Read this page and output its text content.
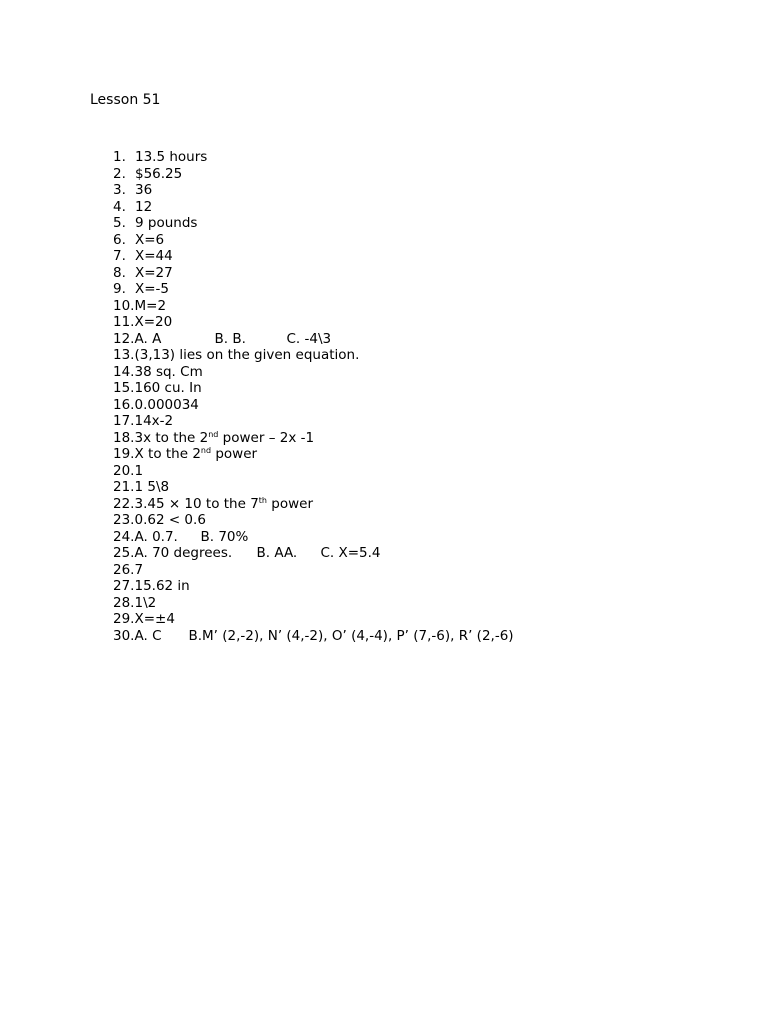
Lesson 51
1. 13.5 hours
2. $56.25
3. 36
4. 12
5. 9 pounds
6. X=6
7. X=44
8. X=27
9. X=-5
10. M=2
11. X=20
12. A. A	B. B.	C. -4\3
13. (3,13) lies on the given equation.
14. 38 sq. Cm
15. 160 cu. In
16. 0.000034
17. 14x-2
18. 3x to the 2nd power – 2x -1
19. X to the 2nd power
20. 1
21. 1 5\8
22. 3.45 × 10 to the 7th power
23. 0.62 < 0.6
24. A. 0.7.	B. 70%
25. A. 70 degrees.	B. AA.	C. X=5.4
26. 7
27. 15.62 in
28. 1\2
29. X=±4
30. A. C	B.M’ (2,-2), N’ (4,-2), O’ (4,-4), P’ (7,-6), R’ (2,-6)
